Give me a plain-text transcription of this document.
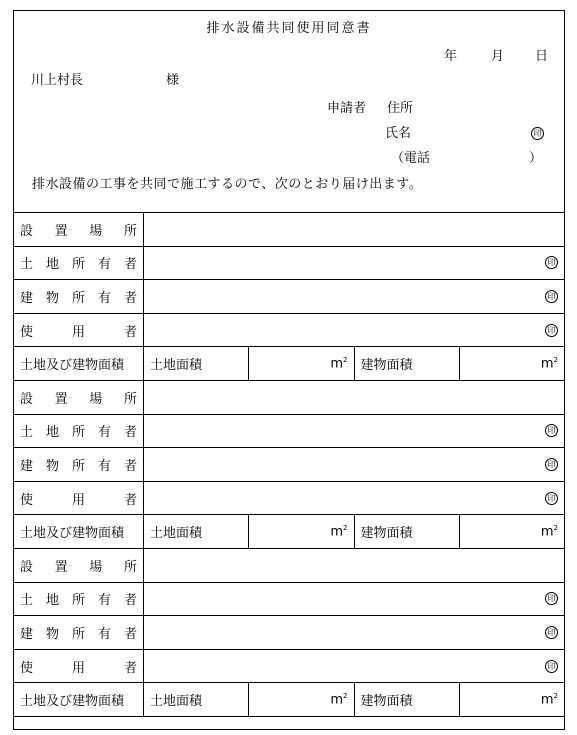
排水設備共同使用同意書
年	月 日
川上村長	様
申請者 住所
氏名	印
（電話	）
排水設備の工事を共同で施工するので、次のとおり届け出ます。
設 置 場 所				

土 地 所 有 者	印			

建 物 所 有 者	印			

使 用 者	印			
土地及び建物面積	土地面積	$m^2$	建物面積	$m^2$

設 置 場 所				

土 地 所 有 者	印			

建 物 所 有 者	印			

使 用 者	印			
土地及び建物面積	土地面積	$m^2$	建物面積	$m^2$

設 置 場 所				

土 地 所 有 者	印			

建 物 所 有 者	印			

使 用 者	印			
土地及び建物面積	土地面積	$m^2$	建物面積	$m^2$
